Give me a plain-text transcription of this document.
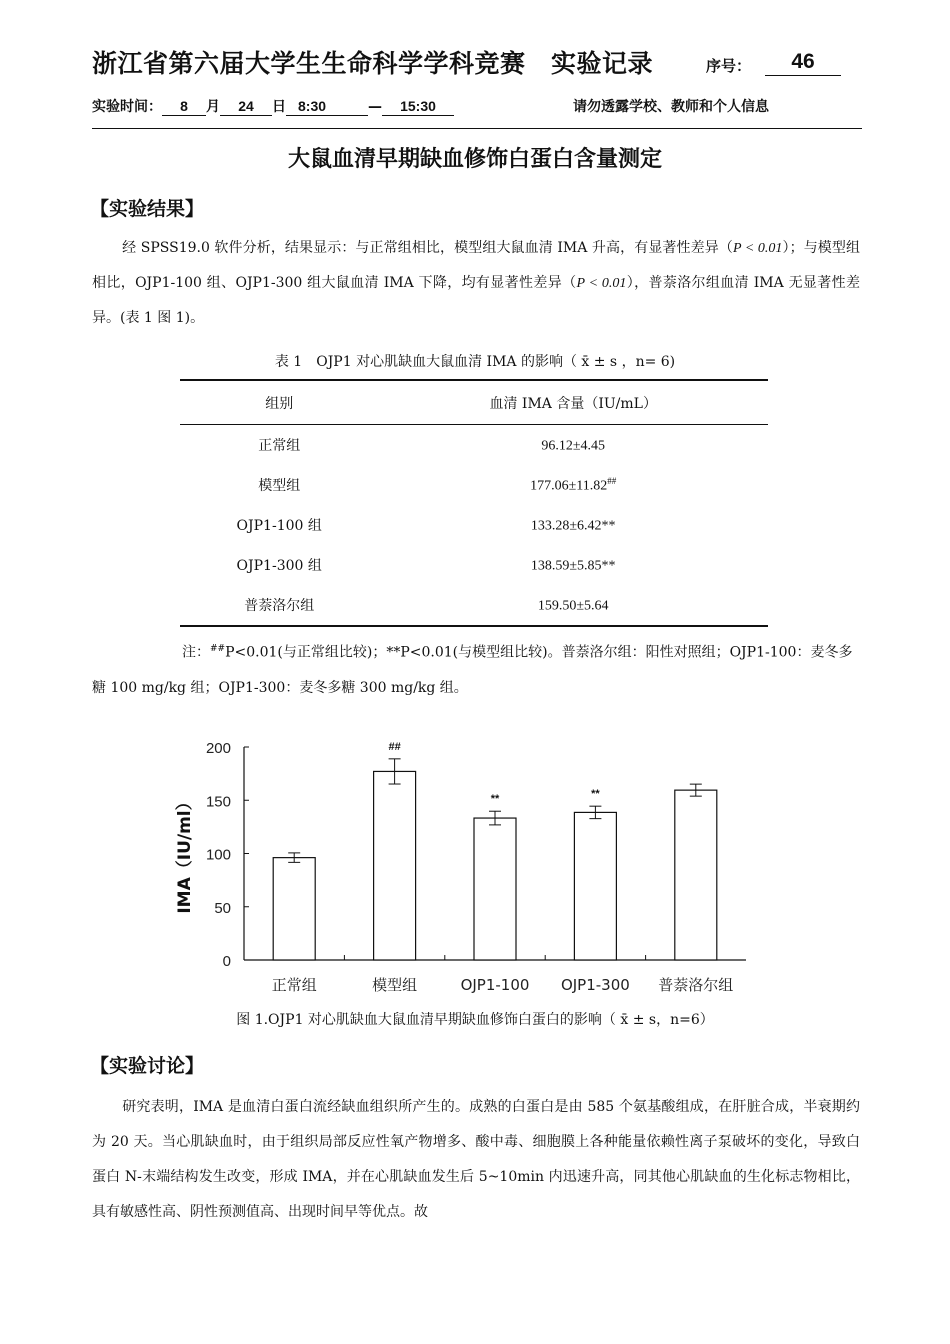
浙江省第六届大学生生命科学学科竞赛　实验记录	序号：	46
实验时间： 8 月 24 日 8:30	— 15:30	请勿透露学校、教师和个人信息
大鼠血清早期缺血修饰白蛋白含量测定
【实验结果】
经 SPSS19.0 软件分析，结果显示：与正常组相比，模型组大鼠血清 IMA 升高，有显著性差异（P < 0.01）；与模型组相比，OJP1-100 组、OJP1-300 组大鼠血清 IMA 下降，均有显著性差异（P < 0.01），普萘洛尔组血清 IMA 无显著性差异。(表 1 图 1)。
表 1　OJP1 对心肌缺血大鼠血清 IMA 的影响（ x̄ ± s ，n= 6)
组别	血清 IMA 含量（IU/mL）
正常组	96.12±4.45
模型组	177.06±11.82##
OJP1-100 组	133.28±6.42**
OJP1-300 组	138.59±5.85**
普萘洛尔组	159.50±5.64
注：##P<0.01(与正常组比较)；**P<0.01(与模型组比较)。普萘洛尔组：阳性对照组；OJP1-100：麦冬多糖 100 mg/kg 组；OJP1-300：麦冬多糖 300 mg/kg 组。
0
50
100
150
200
IMA（IU/ml）
正常组
##
模型组
**
OJP1-100
**
OJP1-300 普萘洛尔组
图 1.OJP1 对心肌缺血大鼠血清早期缺血修饰白蛋白的影响（ x̄ ± s，n=6）
【实验讨论】
研究表明，IMA 是血清白蛋白流经缺血组织所产生的。成熟的白蛋白是由 585 个氨基酸组成，在肝脏合成，半衰期约为 20 天。当心肌缺血时，由于组织局部反应性氧产物增多、酸中毒、细胞膜上各种能量依赖性离子泵破坏的变化，导致白蛋白 N-末端结构发生改变，形成 IMA，并在心肌缺血发生后 5~10min 内迅速升高，同其他心肌缺血的生化标志物相比，具有敏感性高、阴性预测值高、出现时间早等优点。故
